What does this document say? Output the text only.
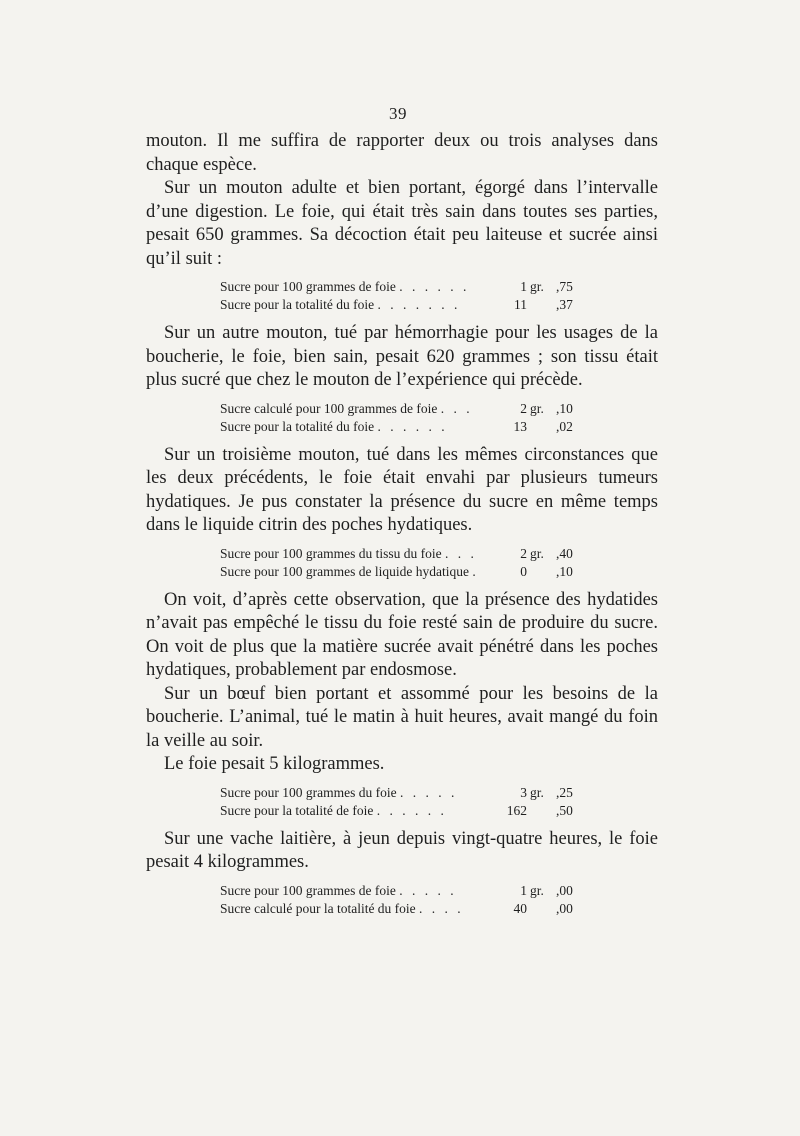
39

mouton. Il me suffira de rapporter deux ou trois analyses dans chaque espèce.

Sur un mouton adulte et bien portant, égorgé dans l’intervalle d’une digestion. Le foie, qui était très sain dans toutes ses parties, pesait 650 grammes. Sa décoction était peu laiteuse et sucrée ainsi qu’il suit :

Sucre pour 100 grammes de foie . . . . . .	1 gr. ,75
Sucre pour la totalité du foie . . . . . . .	11 ,37

Sur un autre mouton, tué par hémorrhagie pour les usages de la boucherie, le foie, bien sain, pesait 620 grammes ; son tissu était plus sucré que chez le mouton de l’expérience qui précède.

Sucre calculé pour 100 grammes de foie . . .	2 gr. ,10
Sucre pour la totalité du foie . . . . . .	13 ,02

Sur un troisième mouton, tué dans les mêmes circonstances que les deux précédents, le foie était envahi par plusieurs tumeurs hydatiques. Je pus constater la présence du sucre en même temps dans le liquide citrin des poches hydatiques.

Sucre pour 100 grammes du tissu du foie . . .	2 gr. ,40
Sucre pour 100 grammes de liquide hydatique .	0 ,10

On voit, d’après cette observation, que la présence des hydatides n’avait pas empêché le tissu du foie resté sain de produire du sucre. On voit de plus que la matière sucrée avait pénétré dans les poches hydatiques, probablement par endosmose.

Sur un bœuf bien portant et assommé pour les besoins de la boucherie. L’animal, tué le matin à huit heures, avait mangé du foin la veille au soir.

Le foie pesait 5 kilogrammes.

Sucre pour 100 grammes du foie . . . . .	3 gr. ,25
Sucre pour la totalité de foie . . . . . .	162 ,50

Sur une vache laitière, à jeun depuis vingt-quatre heures, le foie pesait 4 kilogrammes.

Sucre pour 100 grammes de foie . . . . .	1 gr. ,00
Sucre calculé pour la totalité du foie . . . .	40 ,00
